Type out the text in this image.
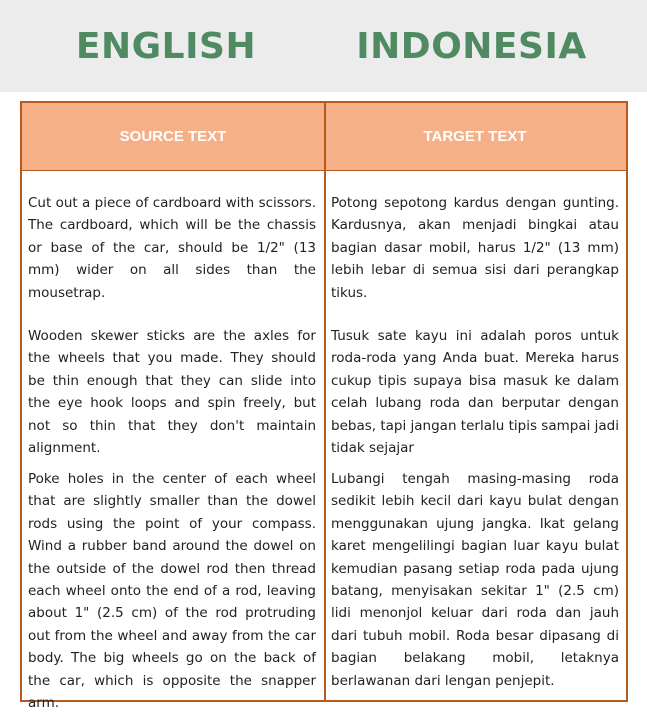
ENGLISH	INDONESIA
SOURCE TEXT	TARGET TEXT
Cut out a piece of cardboard with scissors. The cardboard, which will be the chassis or base of the car, should be 1/2" (13 mm) wider on all sides than the mousetrap.
Potong sepotong kardus dengan gunting. Kardusnya, akan menjadi bingkai atau bagian dasar mobil, harus 1/2" (13 mm) lebih lebar di semua sisi dari perangkap tikus.
Wooden skewer sticks are the axles for the wheels that you made. They should be thin enough that they can slide into the eye hook loops and spin freely, but not so thin that they don't maintain alignment.
Tusuk sate kayu ini adalah poros untuk roda-roda yang Anda buat. Mereka harus cukup tipis supaya bisa masuk ke dalam celah lubang roda dan berputar dengan bebas, tapi jangan terlalu tipis sampai jadi tidak sejajar
Poke holes in the center of each wheel that are slightly smaller than the dowel rods using the point of your compass. Wind a rubber band around the dowel on the outside of the dowel rod then thread each wheel onto the end of a rod, leaving about 1" (2.5 cm) of the rod protruding out from the wheel and away from the car body. The big wheels go on the back of the car, which is opposite the snapper arm.
Lubangi tengah masing-masing roda sedikit lebih kecil dari kayu bulat dengan menggunakan ujung jangka. Ikat gelang karet mengelilingi bagian luar kayu bulat kemudian pasang setiap roda pada ujung batang, menyisakan sekitar 1" (2.5 cm) lidi menonjol keluar dari roda dan jauh dari tubuh mobil. Roda besar dipasang di bagian belakang mobil, letaknya berlawanan dari lengan penjepit.
